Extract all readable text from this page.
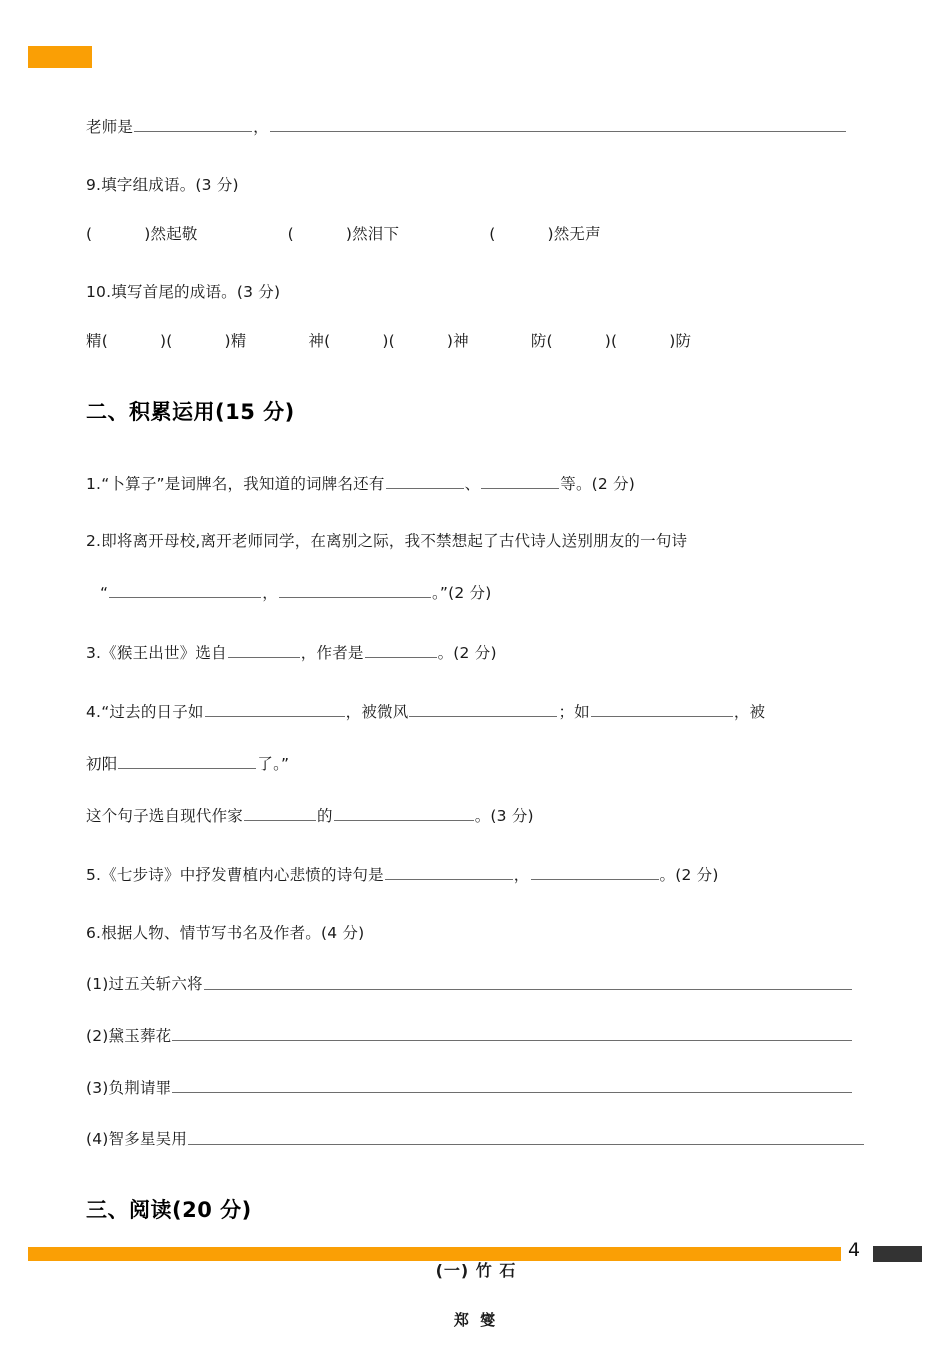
老师是	，
9.填字组成语。(3 分)
(	)然起敬	(	)然泪下	(	)然无声
10.填写首尾的成语。(3 分)
精(	)(	)精	神(	)(	)神	防(	)(	)防
二、积累运用(15 分)
1.“卜算子”是词牌名，我知道的词牌名还有	、	等。(2 分)
2.即将离开母校,离开老师同学，在离别之际，我不禁想起了古代诗人送别朋友的一句诗
“	，	。”(2 分)
3.《猴王出世》选自	，作者是	。(2 分)
4.“过去的日子如	，被微风	；如	，被
初阳	了。”
这个句子选自现代作家	的	。(3 分)
5.《七步诗》中抒发曹植内心悲愤的诗句是	，	。(2 分)
6.根据人物、情节写书名及作者。(4 分)
(1)过五关斩六将
(2)黛玉葬花
(3)负荆请罪
(4)智多星吴用
三、阅读(20 分)
(一) 竹 石
郑 燮
4
